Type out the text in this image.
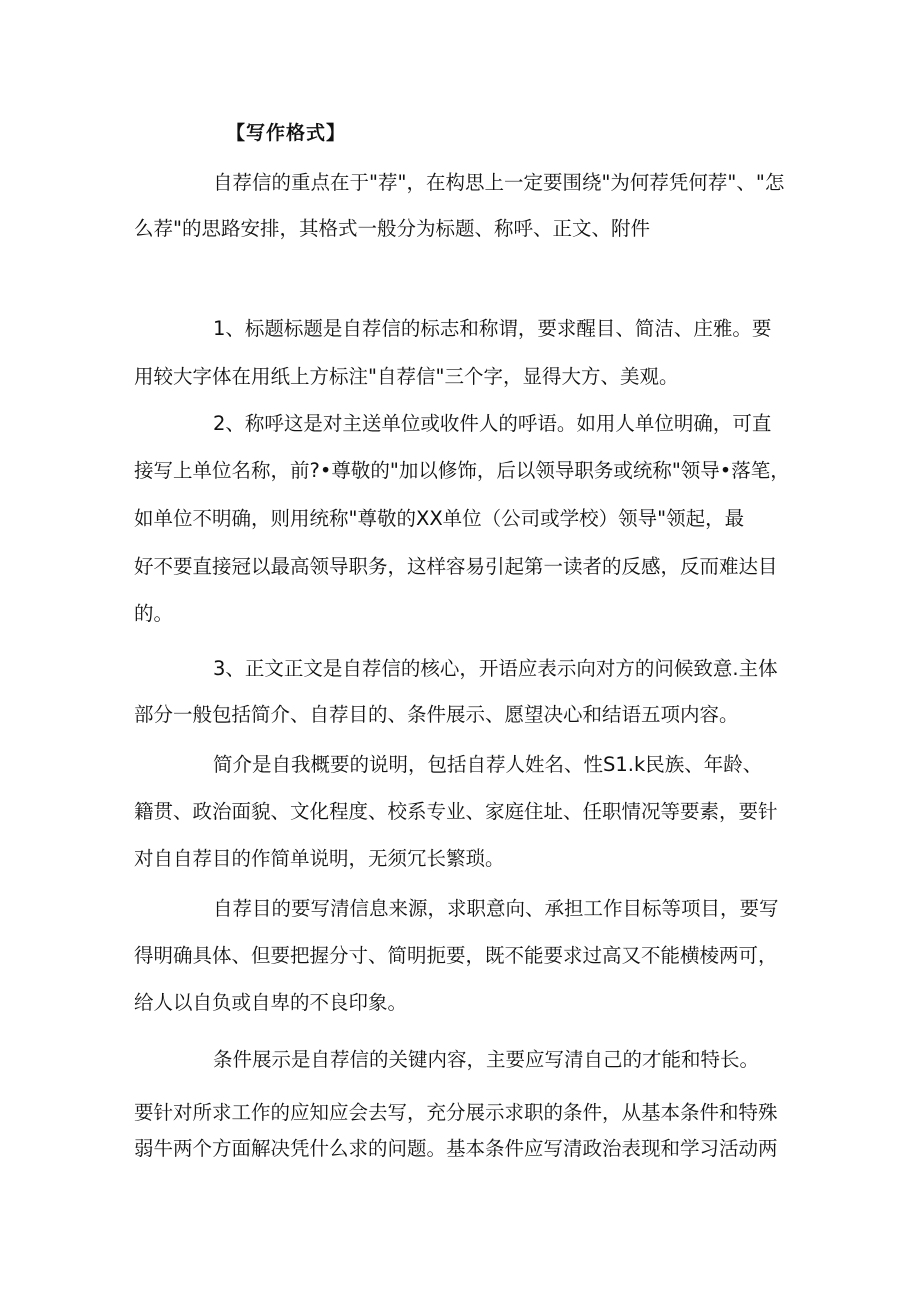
【写作格式】
自荐信的重点在于"荐"，在构思上一定要围绕"为何荐凭何荐"、"怎
么荐"的思路安排，其格式一般分为标题、称呼、正文、附件
1、标题标题是自荐信的标志和称谓，要求醒目、简洁、庄雅。要
用较大字体在用纸上方标注"自荐信"三个字，显得大方、美观。
2、称呼这是对主送单位或收件人的呼语。如用人单位明确，可直
接写上单位名称，前?•尊敬的"加以修饰，后以领导职务或统称"领导•落笔，
如单位不明确，则用统称"尊敬的XX单位（公司或学校）领导"领起，最
好不要直接冠以最高领导职务，这样容易引起第一读者的反感，反而难达目
的。
3、正文正文是自荐信的核心，开语应表示向对方的问候致意.主体
部分一般包括简介、自荐目的、条件展示、愿望决心和结语五项内容。
简介是自我概要的说明，包括自荐人姓名、性S1.k民族、年龄、
籍贯、政治面貌、文化程度、校系专业、家庭住址、任职情况等要素，要针
对自自荐目的作简单说明，无须冗长繁琐。
自荐目的要写清信息来源，求职意向、承担工作目标等项目，要写
得明确具体、但要把握分寸、简明扼要，既不能要求过高又不能横棱两可，
给人以自负或自卑的不良印象。
条件展示是自荐信的关键内容，主要应写清自己的才能和特长。
要针对所求工作的应知应会去写，充分展示求职的条件，从基本条件和特殊
弱牛两个方面解决凭什么求的问题。基本条件应写清政治表现和学习活动两
